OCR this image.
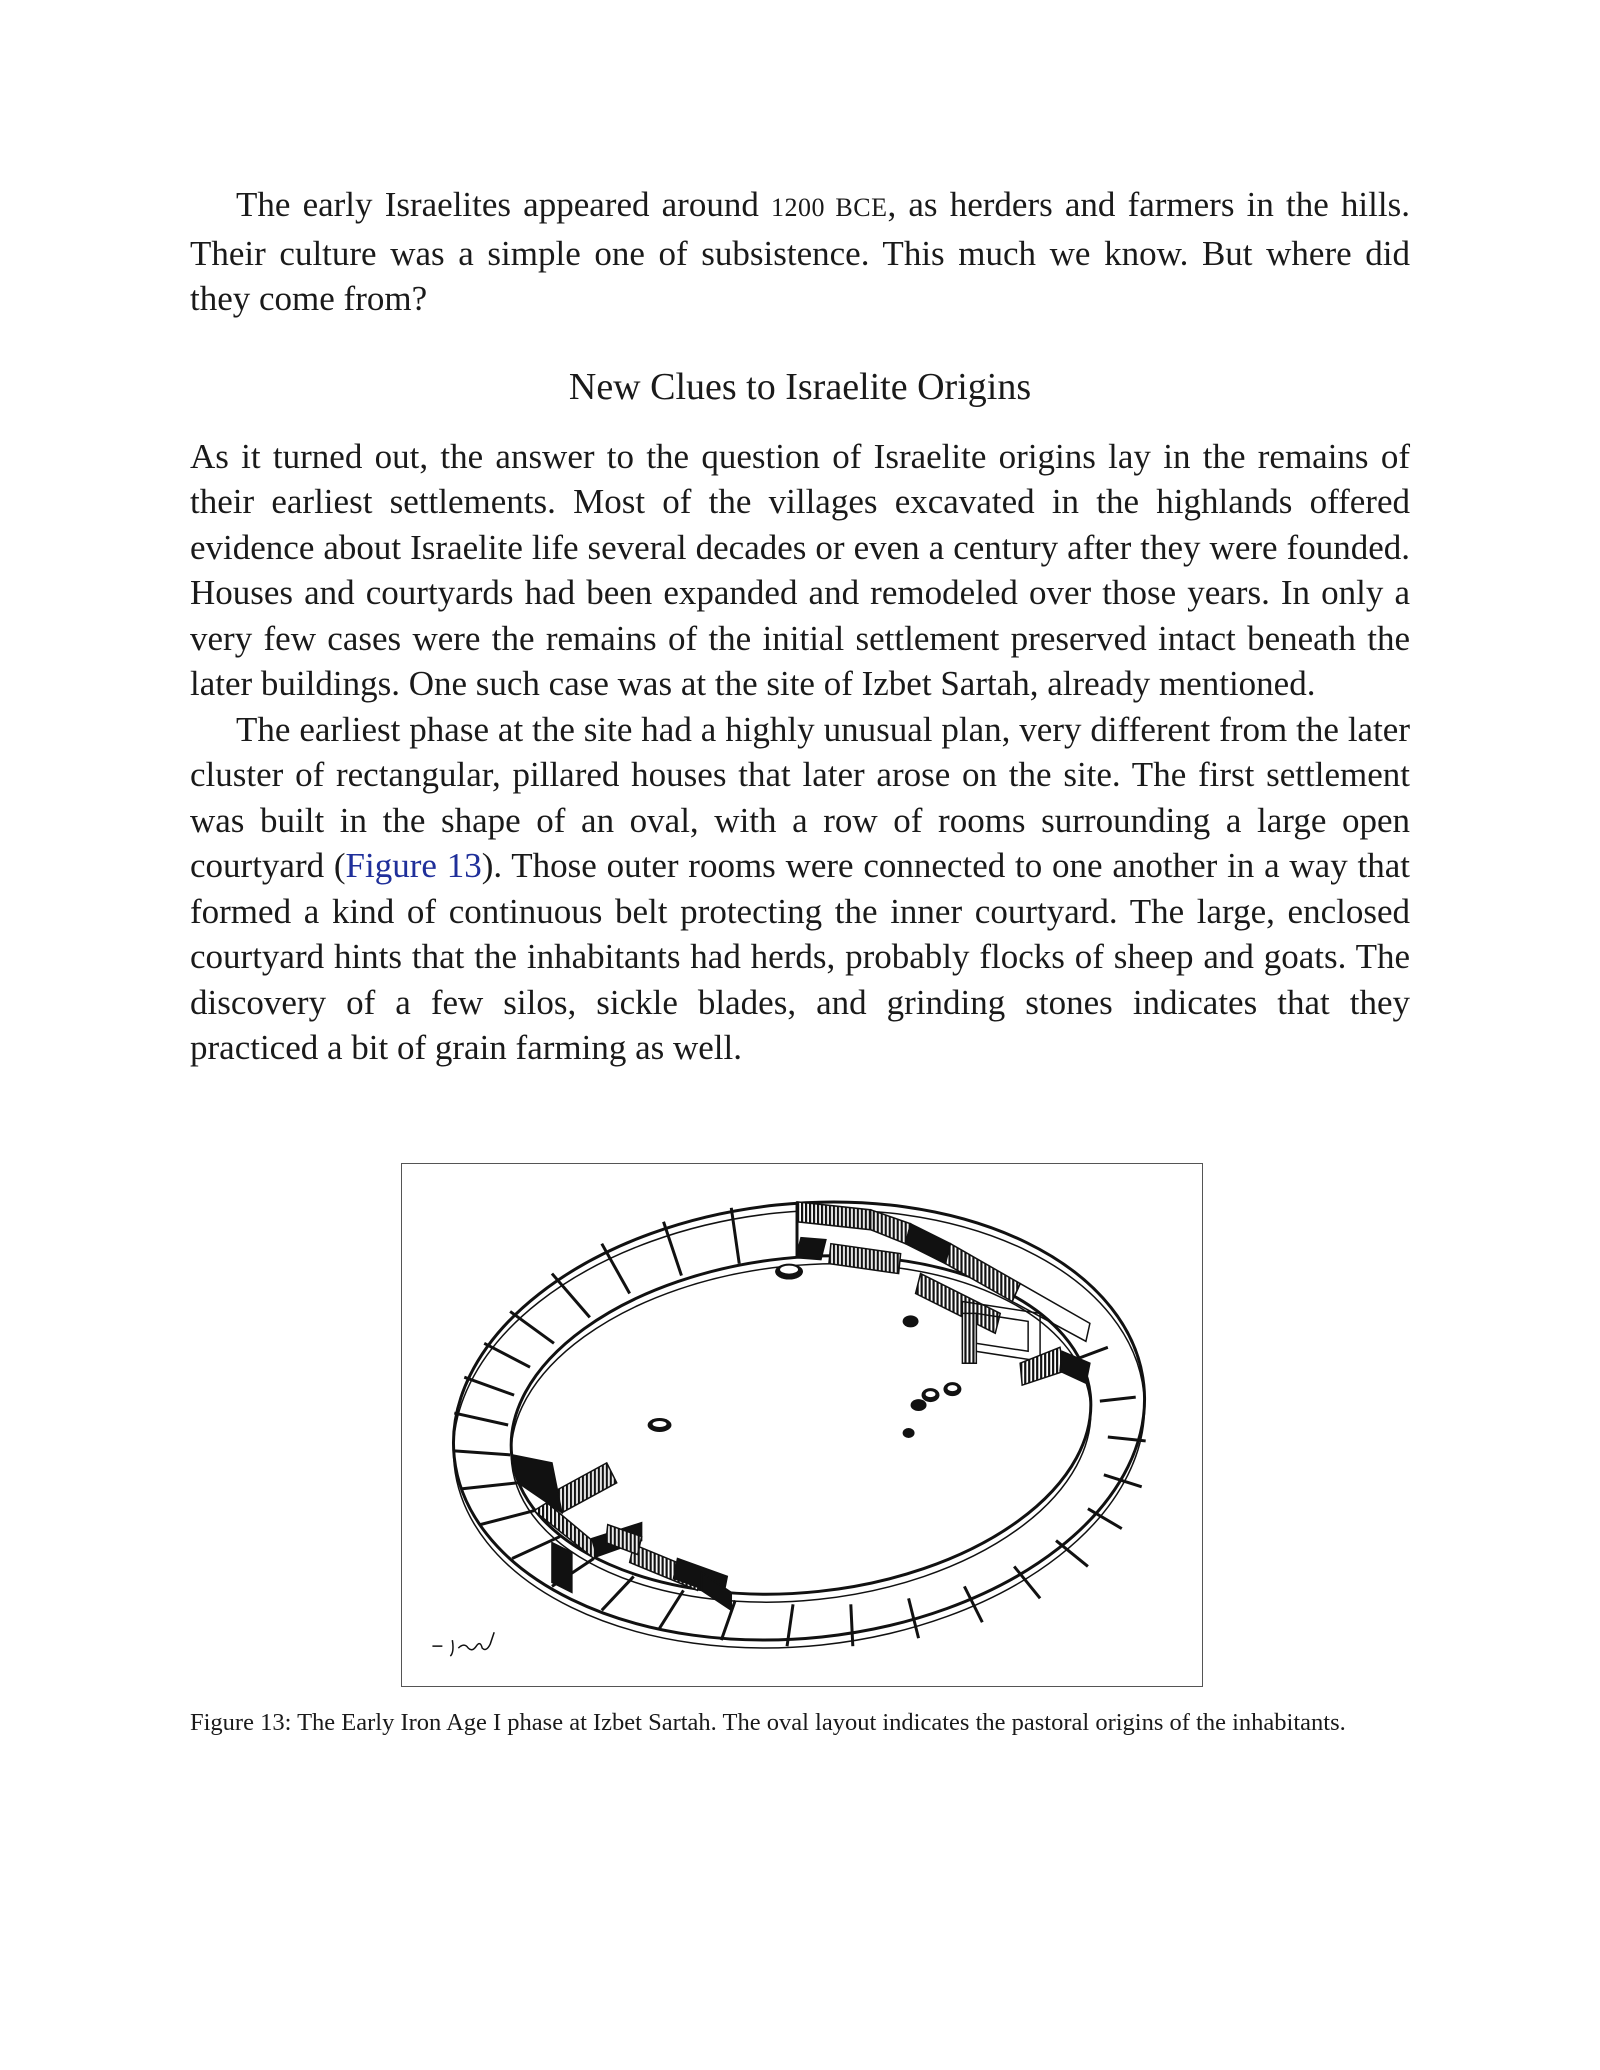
The early Israelites appeared around 1200 BCE, as herders and farmers in the hills. Their culture was a simple one of subsistence. This much we know. But where did they come from?

New Clues to Israelite Origins

As it turned out, the answer to the question of Israelite origins lay in the remains of their earliest settlements. Most of the villages excavated in the highlands offered evidence about Israelite life several decades or even a century after they were founded. Houses and courtyards had been expanded and remodeled over those years. In only a very few cases were the remains of the initial settlement preserved intact beneath the later buildings. One such case was at the site of Izbet Sartah, already mentioned.

The earliest phase at the site had a highly unusual plan, very different from the later cluster of rectangular, pillared houses that later arose on the site. The first settlement was built in the shape of an oval, with a row of rooms surrounding a large open courtyard (Figure 13). Those outer rooms were connected to one another in a way that formed a kind of continuous belt protecting the inner courtyard. The large, enclosed courtyard hints that the inhabitants had herds, probably flocks of sheep and goats. The discovery of a few silos, sickle blades, and grinding stones indicates that they practiced a bit of grain farming as well.

Figure 13: The Early Iron Age I phase at Izbet Sartah. The oval layout indicates the pastoral origins of the inhabitants.
